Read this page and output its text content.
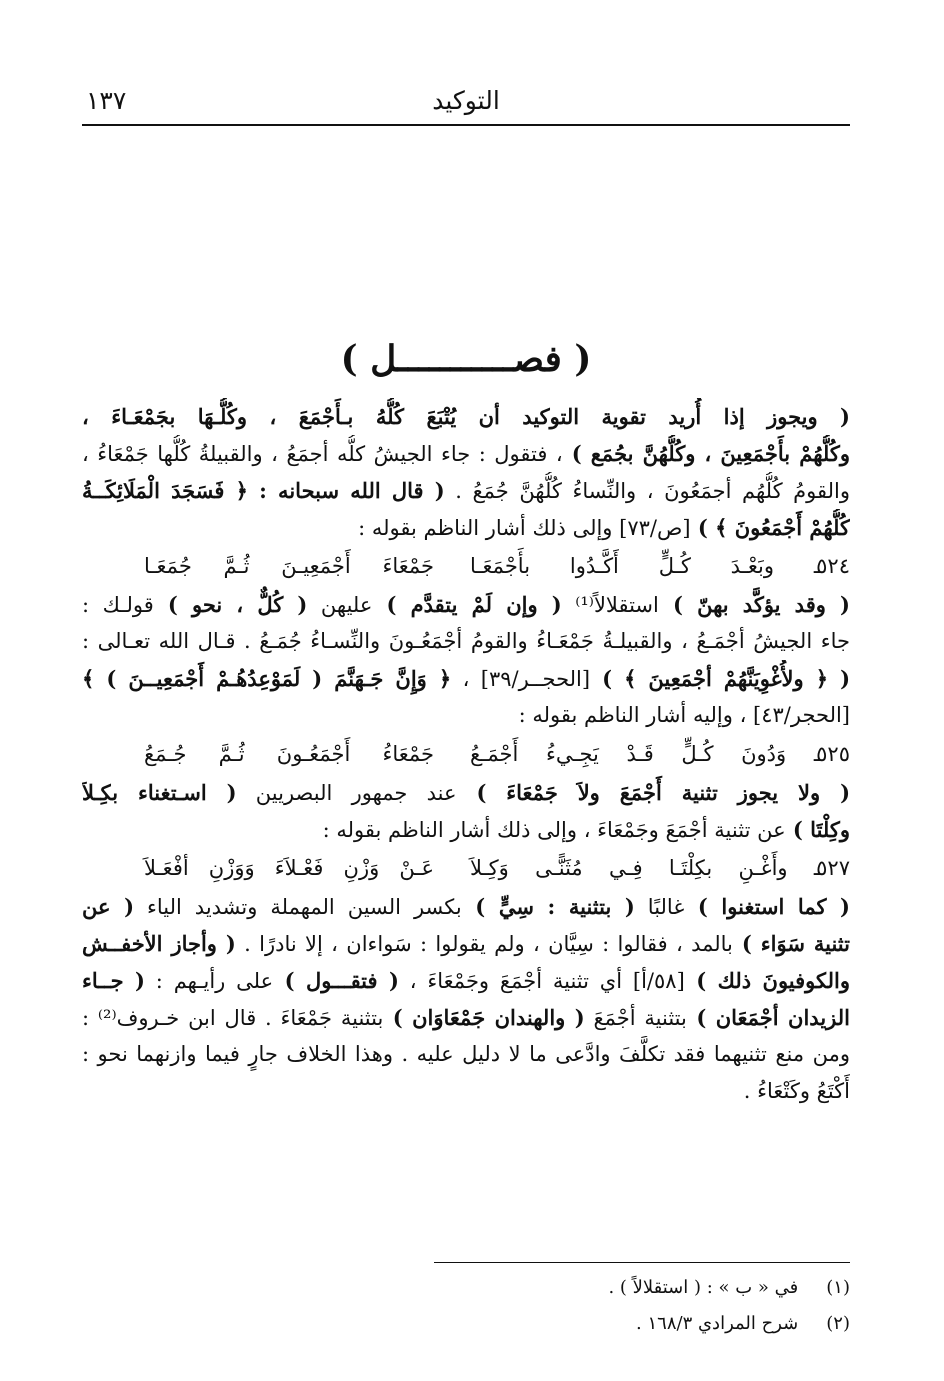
التوكيد
١٣٧
( فصـــــــــــل )
( ويجوز إذا أُريد تقوية التوكيد أن يُتْبَعَ كُلُّهُ بـأَجْمَعَ ، وكُلُّـهَا بجَمْعَـاءَ ،
وكُلُّهُمْ بأَجْمَعِينَ ، وكُلُّهُنَّ بجُمَع ) ، فتقول : جاء الجيشُ كلُّه أجمَعُ ، والقبيلةُ كُلُّها جَمْعَاءُ ،
والقومُ كُلُّهُم أجمَعُونَ ، والنِّساءُ كُلُّهُنَّ جُمَعُ . ( قال الله سبحانه : ﴿ فَسَجَدَ الْمَلَائِكَــةُ
كُلُّهُمْ أَجْمَعُونَ ﴾ ) [ص/٧٣] وإلى ذلك أشار الناظم بقوله :
٥٢٤
ـ وبَعْـدَ كُـلٍّ أَكَّـدُوا بأَجْمَعَـا
جَمْعَاءَ أَجْمَعِيـنَ ثُـمَّ جُمَعَـا
( وقد يؤكَّد بهنّ ) استقلالاً⁽¹⁾ ( وإن لَمْ يتقدَّم ) عليهن ( كُلٌّ ، نحو ) قولـك :
جاء الجيشُ أجْمَـعُ ، والقبيلـةُ جَمْعَـاءُ والقومُ أجْمَعُـونَ والنِّسـاءُ جُمَـعُ . قـال الله تعـالى :
( ﴿ ولأُغْوِيَنَّهُمْ أجْمَعِينَ ﴾ ) [الحجــر/٣٩] ، ﴿ وَإِنَّ جَـهَنَّمَ ( لَمَوْعِدُهُـمْ أَجْمَعِيــنَ ) ﴾
[الحجر/٤٣] ، وإليه أشار الناظم بقوله :
٥٢٥
ـ وَدُونَ كُـلٍّ قَـدْ يَجِـيءُ أَجْمَـعُ
جَمْعَاءُ أَجْمَعُـونَ ثُـمَّ جُـمَعُ
( ولا يجوز تثنية أَجْمَعَ ولاَ جَمْعَاءَ ) عند جمهور البصريين ( اسـتغناء بكِـلاَ
وكِلْتَا ) عن تثنية أجْمَعَ وجَمْعَاءَ ، وإلى ذلك أشار الناظم بقوله :
٥٢٧
ـ وأَغْـنِ بكِلْتَـا فِـي مُثَنًّـى وَكِـلاَ
عَـنْ وَزْنِ فَعْـلاَءَ وَوَزْنِ أفْعَـلاَ
( كما استغنوا ) غالبًا ( بتثنية : سِيٍّ ) بكسر السين المهملة وتشديد الياء ( عن
تثنية سَوَاء ) بالمد ، فقالوا : سِيَّان ، ولم يقولوا : سَواءان ، إلا نادرًا . ( وأجاز الأخفــش
والكوفيونَ ذلك ) [٥٨/أ] أي تثنية أجْمَعَ وجَمْعَاءَ ، ( فتقـــول ) على رأيـهم : ( جــاء
الزيدان أجْمَعَان ) بتثنية أجْمَعَ ( والهندان جَمْعَاوَان ) بتثنية جَمْعَاءَ . قال ابن خـروف⁽²⁾ :
ومن منع تثنيهما فقد تكلَّفَ وادَّعى ما لا دليل عليه . وهذا الخلاف جارٍ فيما وازنهما نحو :
أَكْتَعُ وكَتْعَاءُ .
(١) في « ب » : ( استقلالاً ) .
(٢) شرح المرادي ١٦٨/٣ .
